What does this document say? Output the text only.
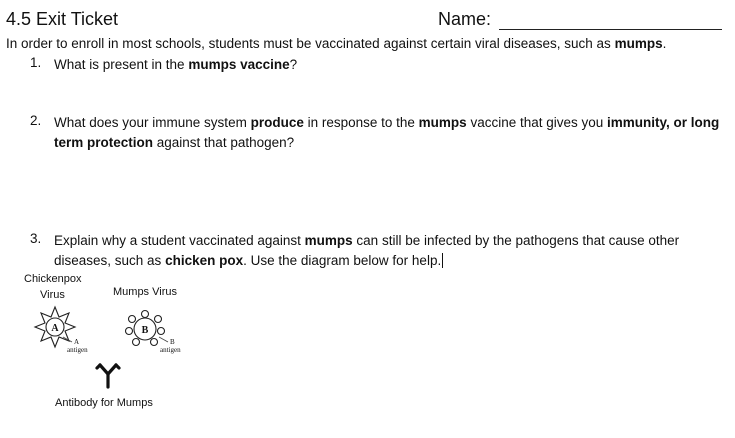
4.5 Exit Ticket	Name:
In order to enroll in most schools, students must be vaccinated against certain viral diseases, such as mumps.
1. What is present in the mumps vaccine?
2. What does your immune system produce in response to the mumps vaccine that gives you immunity, or long term protection against that pathogen?
3. Explain why a student vaccinated against mumps can still be infected by the pathogens that cause other diseases, such as chicken pox. Use the diagram below for help.
Chickenpox
Virus	Mumps Virus
A
A
antigen
B
B
antigen
Antibody for Mumps
